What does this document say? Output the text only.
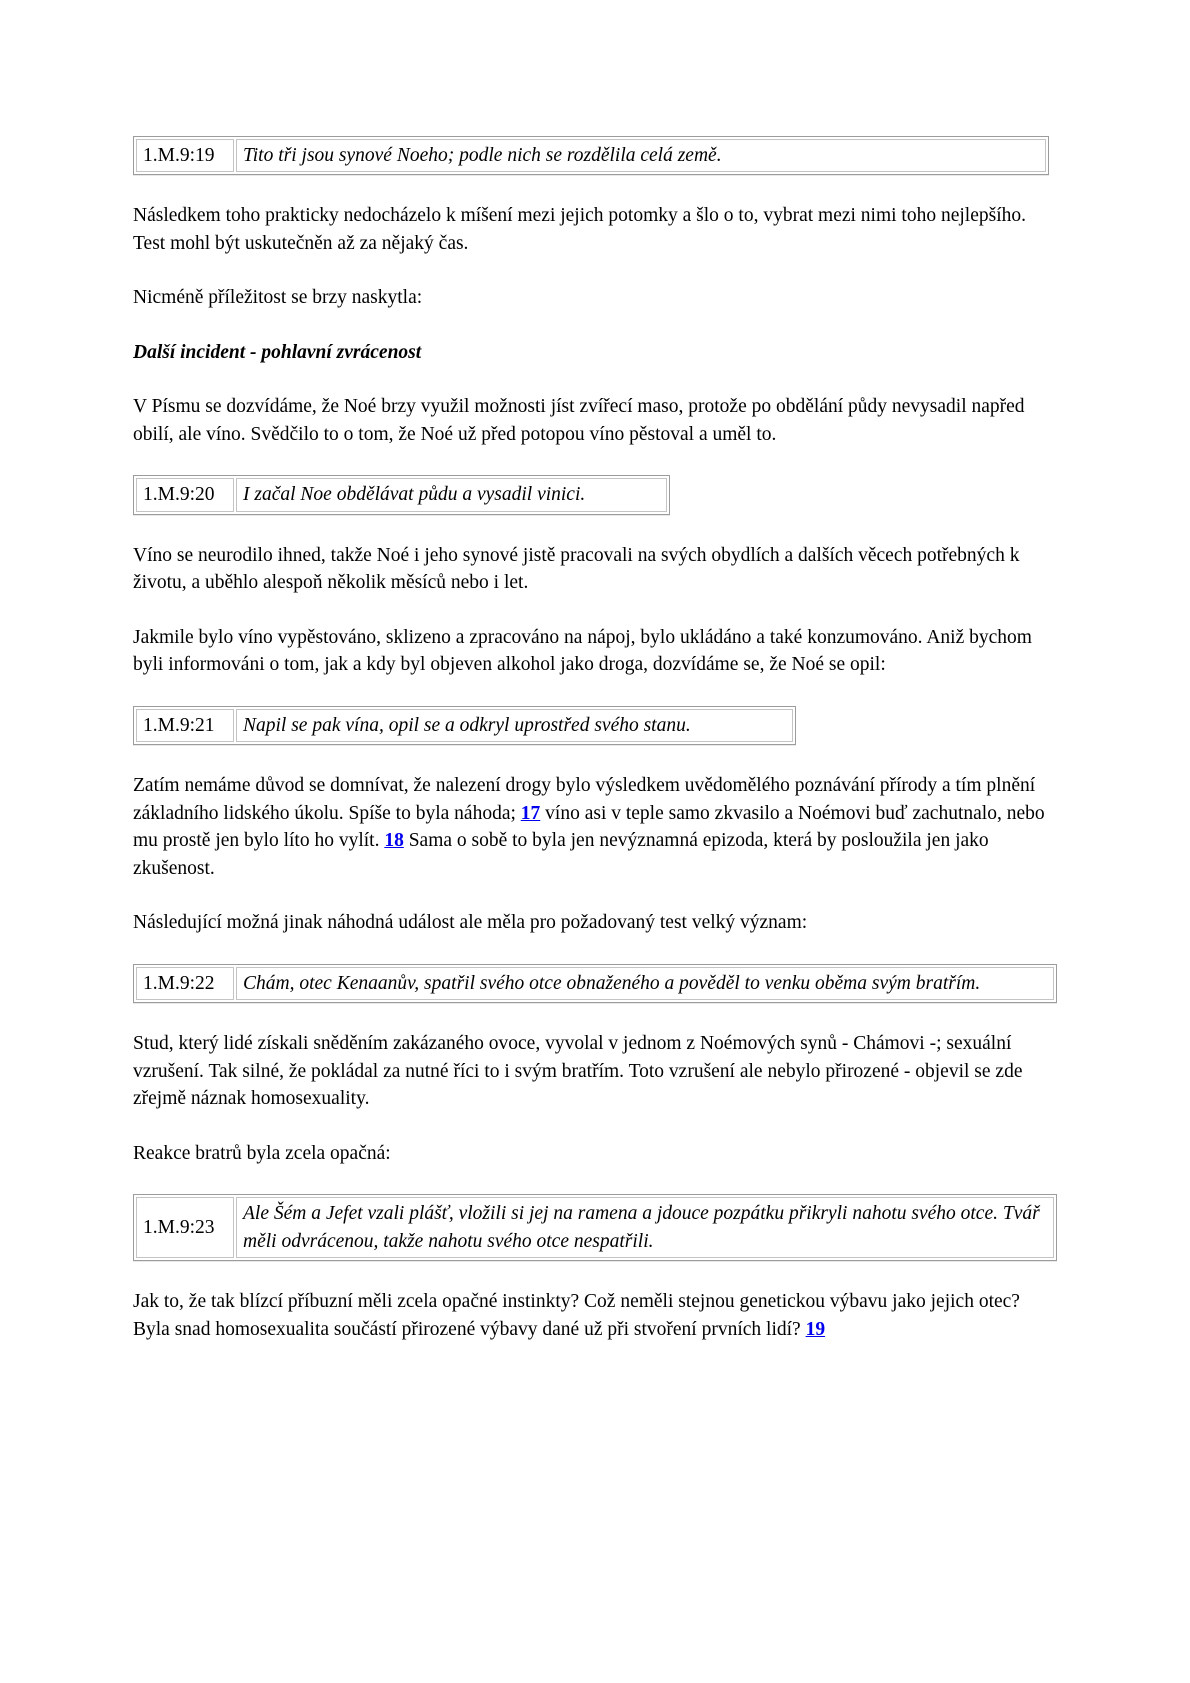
1.M.9:19	Tito tři jsou synové Noeho; podle nich se rozdělila celá země.

Následkem toho prakticky nedocházelo k míšení mezi jejich potomky a šlo o to, vybrat mezi nimi toho nejlepšího. Test mohl být uskutečněn až za nějaký čas.

Nicméně příležitost se brzy naskytla:

Další incident - pohlavní zvrácenost

V Písmu se dozvídáme, že Noé brzy využil možnosti jíst zvířecí maso, protože po obdělání půdy nevysadil napřed obilí, ale víno. Svědčilo to o tom, že Noé už před potopou víno pěstoval a uměl to.

1.M.9:20	I začal Noe obdělávat půdu a vysadil vinici.

Víno se neurodilo ihned, takže Noé i jeho synové jistě pracovali na svých obydlích a dalších věcech potřebných k životu, a uběhlo alespoň několik měsíců nebo i let.

Jakmile bylo víno vypěstováno, sklizeno a zpracováno na nápoj, bylo ukládáno a také konzumováno. Aniž bychom byli informováni o tom, jak a kdy byl objeven alkohol jako droga, dozvídáme se, že Noé se opil:

1.M.9:21	Napil se pak vína, opil se a odkryl uprostřed svého stanu.

Zatím nemáme důvod se domnívat, že nalezení drogy bylo výsledkem uvědomělého poznávání přírody a tím plnění základního lidského úkolu. Spíše to byla náhoda; 17 víno asi v teple samo zkvasilo a Noémovi buď zachutnalo, nebo mu prostě jen bylo líto ho vylít. 18 Sama o sobě to byla jen nevýznamná epizoda, která by posloužila jen jako zkušenost.

Následující možná jinak náhodná událost ale měla pro požadovaný test velký význam:

1.M.9:22	Chám, otec Kenaanův, spatřil svého otce obnaženého a pověděl to venku oběma svým bratřím.

Stud, který lidé získali sněděním zakázaného ovoce, vyvolal v jednom z Noémových synů - Chámovi -; sexuální vzrušení. Tak silné, že pokládal za nutné říci to i svým bratřím. Toto vzrušení ale nebylo přirozené - objevil se zde zřejmě náznak homosexuality.

Reakce bratrů byla zcela opačná:

1.M.9:23	Ale Šém a Jefet vzali plášť, vložili si jej na ramena a jdouce pozpátku přikryli nahotu svého otce. Tvář měli odvrácenou, takže nahotu svého otce nespatřili.

Jak to, že tak blízcí příbuzní měli zcela opačné instinkty? Což neměli stejnou genetickou výbavu jako jejich otec? Byla snad homosexualita součástí přirozené výbavy dané už při stvoření prvních lidí? 19
